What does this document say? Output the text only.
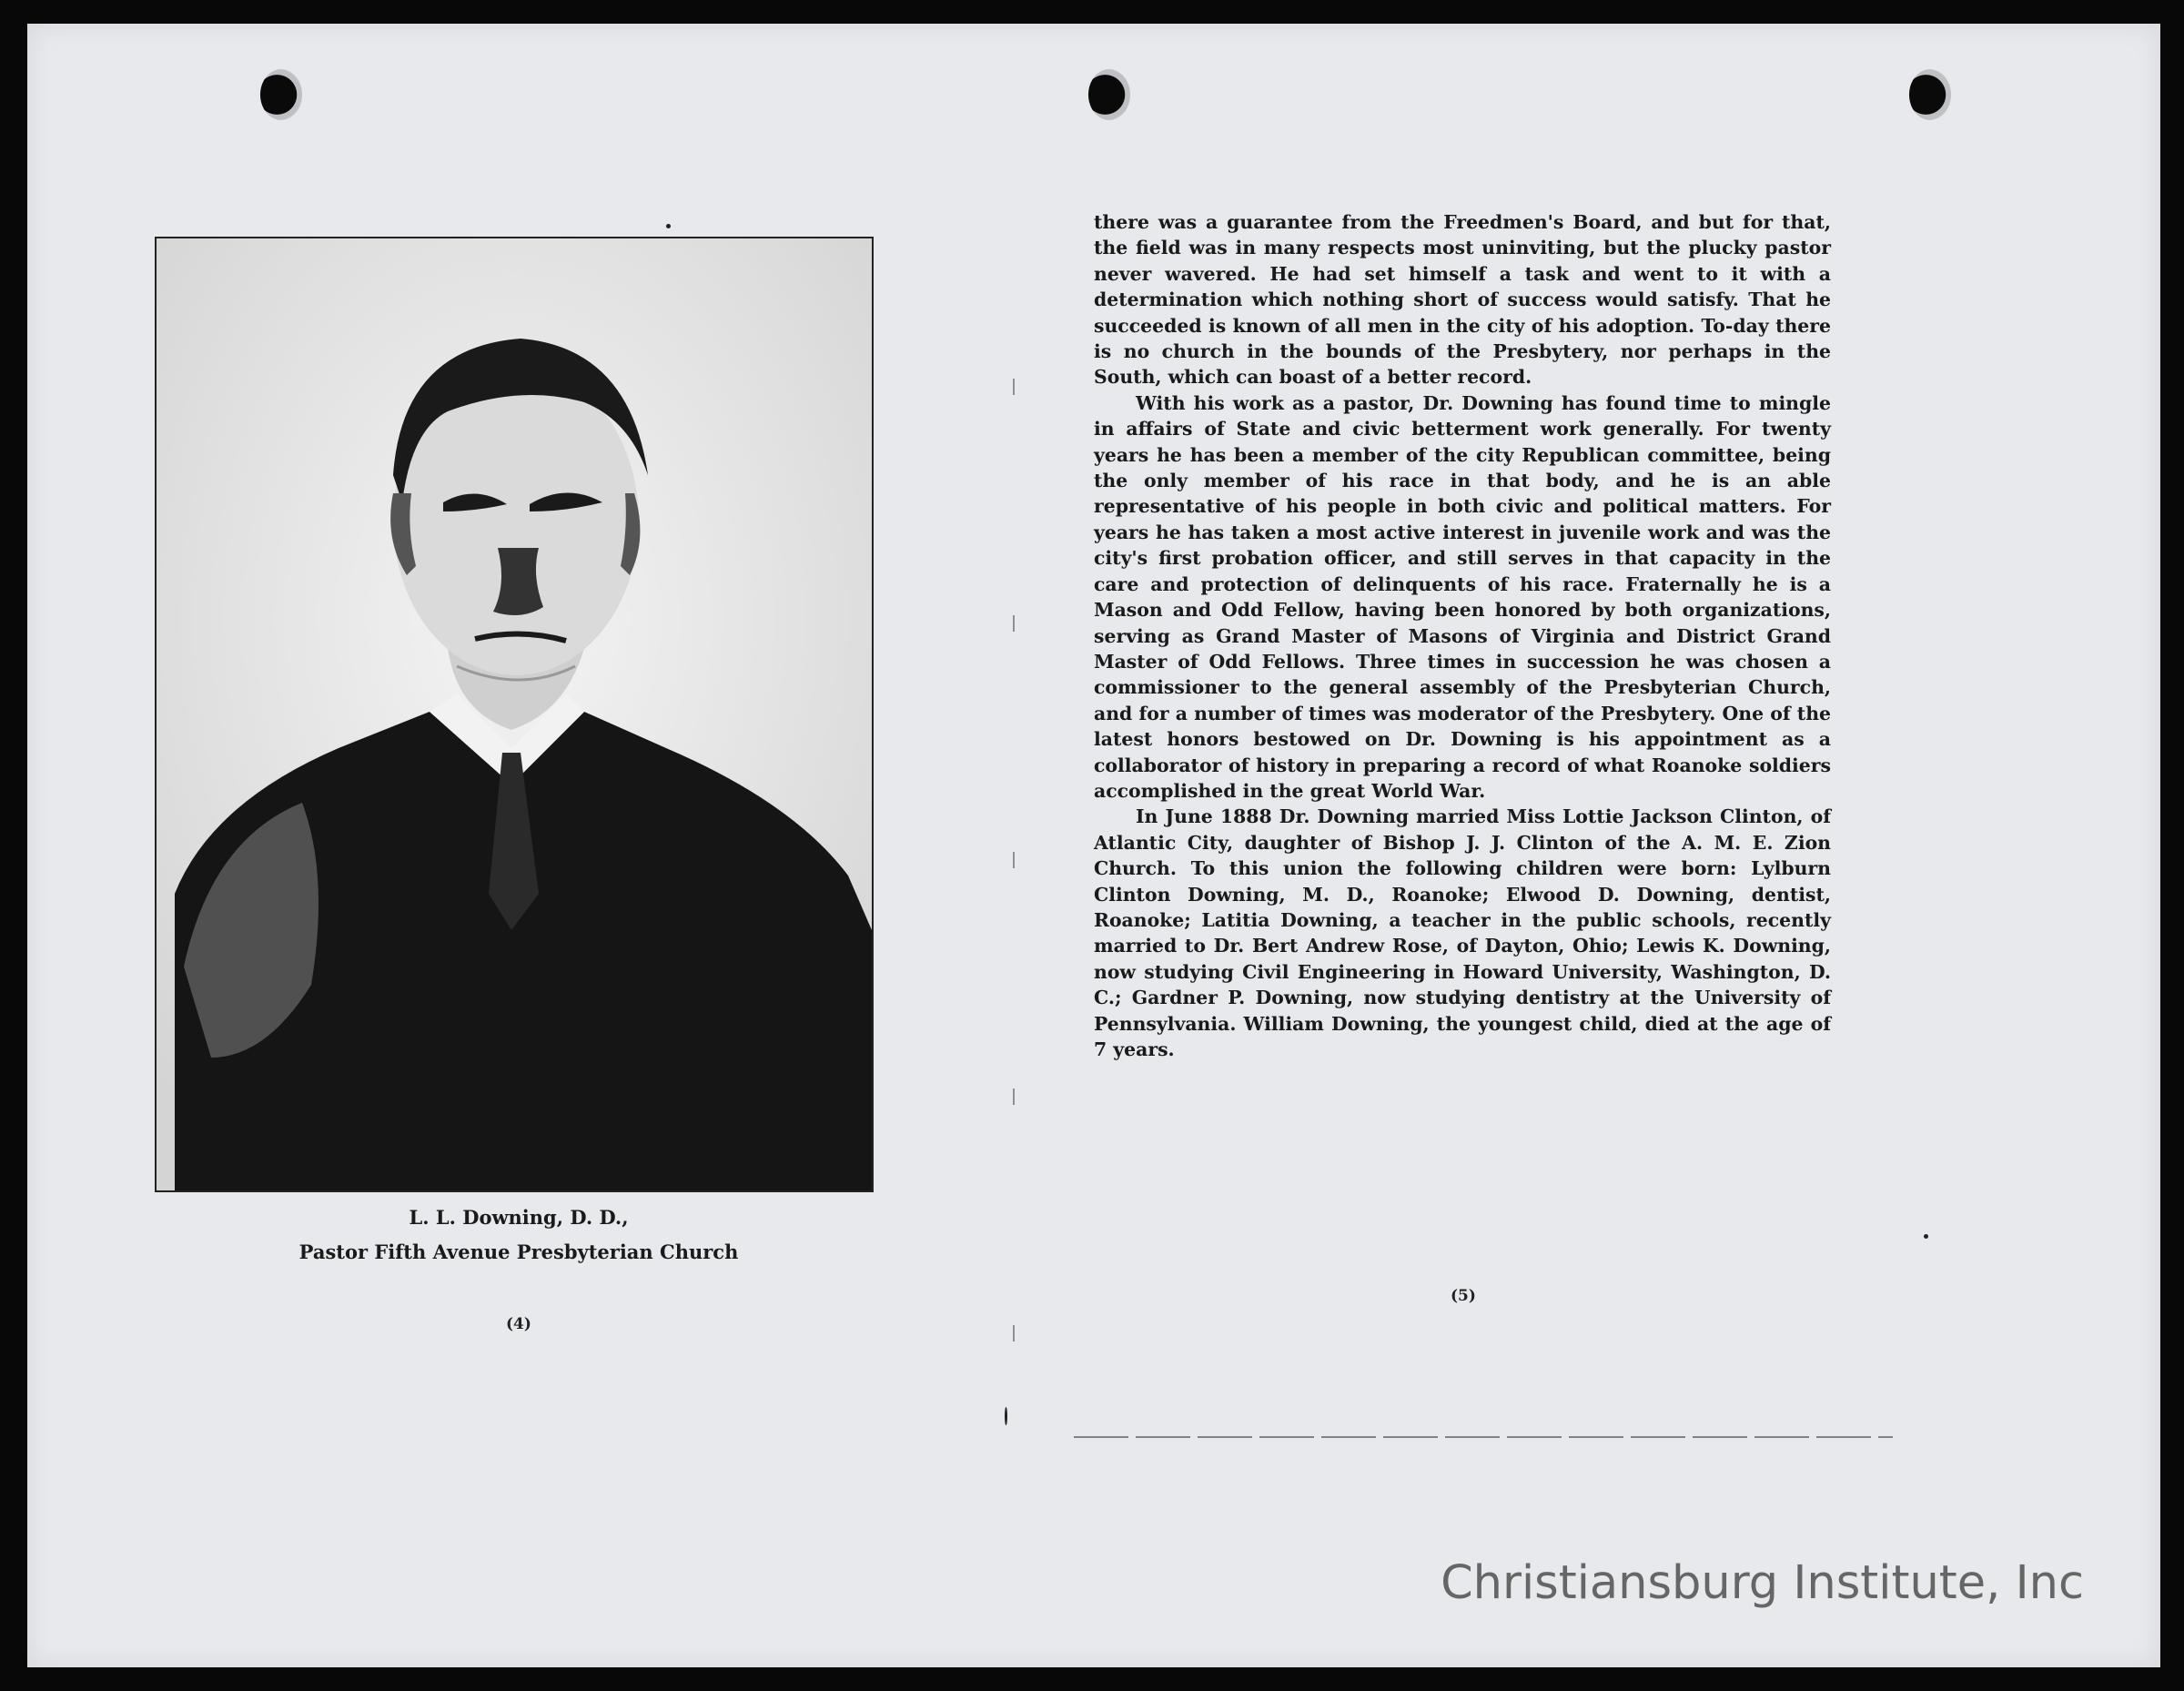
L. L. Downing, D. D.,
Pastor Fifth Avenue Presbyterian Church
(4)

there was a guarantee from the Freedmen's Board, and but for that, the field was in many respects most uninviting, but the plucky pastor never wavered. He had set himself a task and went to it with a determination which nothing short of success would satisfy. That he succeeded is known of all men in the city of his adoption. To-day there is no church in the bounds of the Presbytery, nor perhaps in the South, which can boast of a better record.

With his work as a pastor, Dr. Downing has found time to mingle in affairs of State and civic betterment work generally. For twenty years he has been a member of the city Republican committee, being the only member of his race in that body, and he is an able representative of his people in both civic and political matters. For years he has taken a most active interest in juvenile work and was the city's first probation officer, and still serves in that capacity in the care and protection of delinquents of his race. Fraternally he is a Mason and Odd Fellow, having been honored by both organizations, serving as Grand Master of Masons of Virginia and District Grand Master of Odd Fellows. Three times in succession he was chosen a commissioner to the general assembly of the Presbyterian Church, and for a number of times was moderator of the Presbytery. One of the latest honors bestowed on Dr. Downing is his appointment as a collaborator of history in preparing a record of what Roanoke soldiers accomplished in the great World War.

In June 1888 Dr. Downing married Miss Lottie Jackson Clinton, of Atlantic City, daughter of Bishop J. J. Clinton of the A. M. E. Zion Church. To this union the following children were born: Lylburn Clinton Downing, M. D., Roanoke; Elwood D. Downing, dentist, Roanoke; Latitia Downing, a teacher in the public schools, recently married to Dr. Bert Andrew Rose, of Dayton, Ohio; Lewis K. Downing, now studying Civil Engineering in Howard University, Washington, D. C.; Gardner P. Downing, now studying dentistry at the University of Pennsylvania. William Downing, the youngest child, died at the age of 7 years.

(5)
Christiansburg Institute, Inc
